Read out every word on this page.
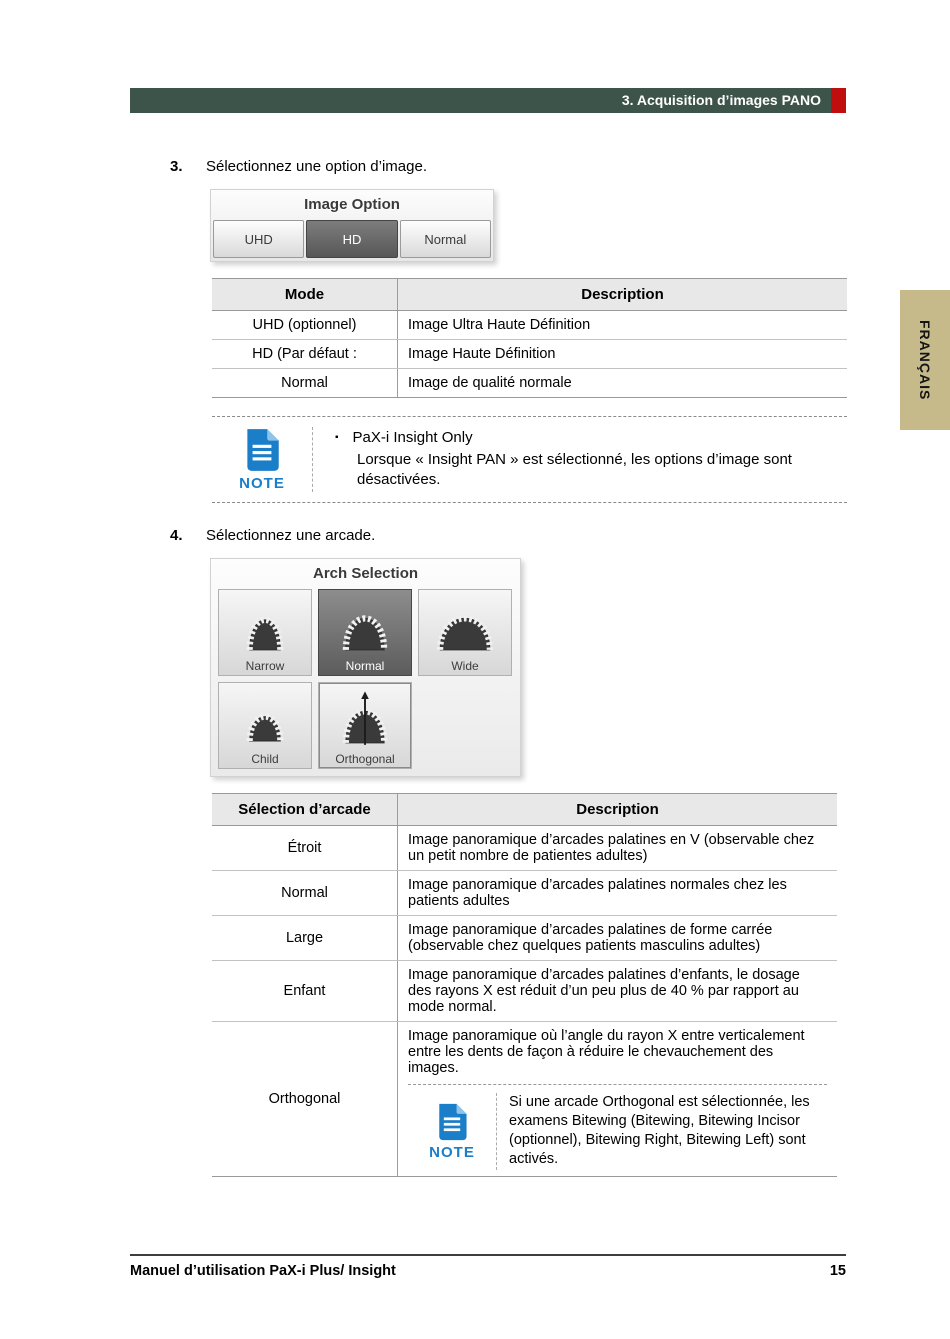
3. Acquisition d’images PANO
FRANÇAIS
3.	Sélectionnez une option d’image.
Image Option
UHD	HD	Normal
Mode	Description
UHD (optionnel)	Image Ultra Haute Définition
HD (Par défaut :	Image Haute Définition
Normal	Image de qualité normale
NOTE
▪ PaX-i Insight Only
Lorsque « Insight PAN » est sélectionné, les options d’image sont désactivées.
4.	Sélectionnez une arcade.
Arch Selection
Narrow	Normal	Wide
Child	Orthogonal
Sélection d’arcade	Description
Étroit	Image panoramique d’arcades palatines en V (observable chez un petit nombre de patientes adultes)
Normal	Image panoramique d’arcades palatines normales chez les patients adultes
Large	Image panoramique d’arcades palatines de forme carrée (observable chez quelques patients masculins adultes)
Enfant	Image panoramique d’arcades palatines d’enfants, le dosage des rayons X est réduit d’un peu plus de 40 % par rapport au mode normal.
Orthogonal	Image panoramique où l’angle du rayon X entre verticalement entre les dents de façon à réduire le chevauchement des images.
NOTE
Si une arcade Orthogonal est sélectionnée, les examens Bitewing (Bitewing, Bitewing Incisor (optionnel), Bitewing Right, Bitewing Left) sont activés.
Manuel d’utilisation PaX-i Plus/ Insight	15
